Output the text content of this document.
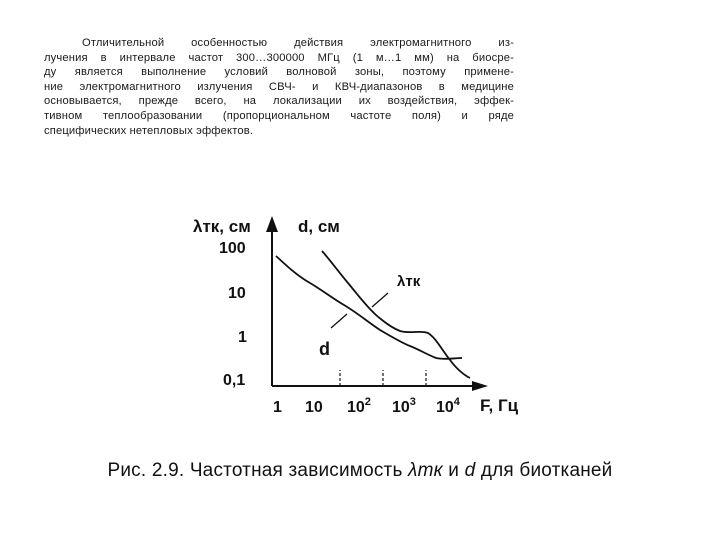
Отличительной особенностью действия электромагнитного из-
лучения в интервале частот 300…300000 МГц (1 м…1 мм) на биосре-
ду является выполнение условий волновой зоны, поэтому примене-
ние электромагнитного излучения СВЧ- и КВЧ-диапазонов в медицине
основывается, прежде всего, на локализации их воздействия, эффек-
тивном теплообразовании (пропорциональном частоте поля) и ряде
специфических нетепловых эффектов.
λтк, см	d, см
F, Гц
100
10
1
0,1
1 10 $10^2$ $10^3$ $10^4$
λтк
d
Рис. 2.9. Частотная зависимость λтк и d для биотканей
